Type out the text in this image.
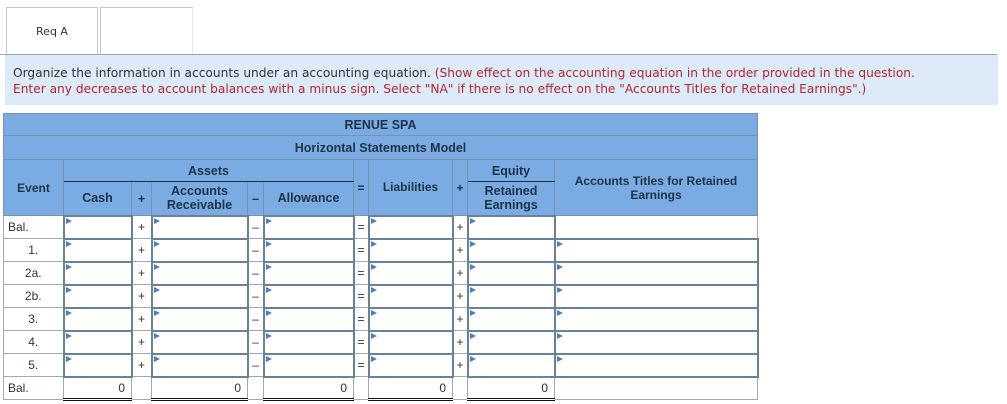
Req A
Organize the information in accounts under an accounting equation. (Show effect on the accounting equation in the order provided in the question.
Enter any decreases to account balances with a minus sign. Select "NA" if there is no effect on the "Accounts Titles for Retained Earnings".)
RENUE SPA										
Horizontal Statements Model										
Event	Assets					=	Liabilities	+	Equity	Accounts Titles for Retained
Earnings
	Cash	+	Accounts
Receivable	–	Allowance				Retained
Earnings	
Bal.		+		–		=		+		
1.		+		–		=		+		
2a.		+		–		=		+		
2b.		+		–		=		+		
3.		+		–		=		+		
4.		+		–		=		+		
5.		+		–		=		+		
Bal.	0		0		0		0		0	
